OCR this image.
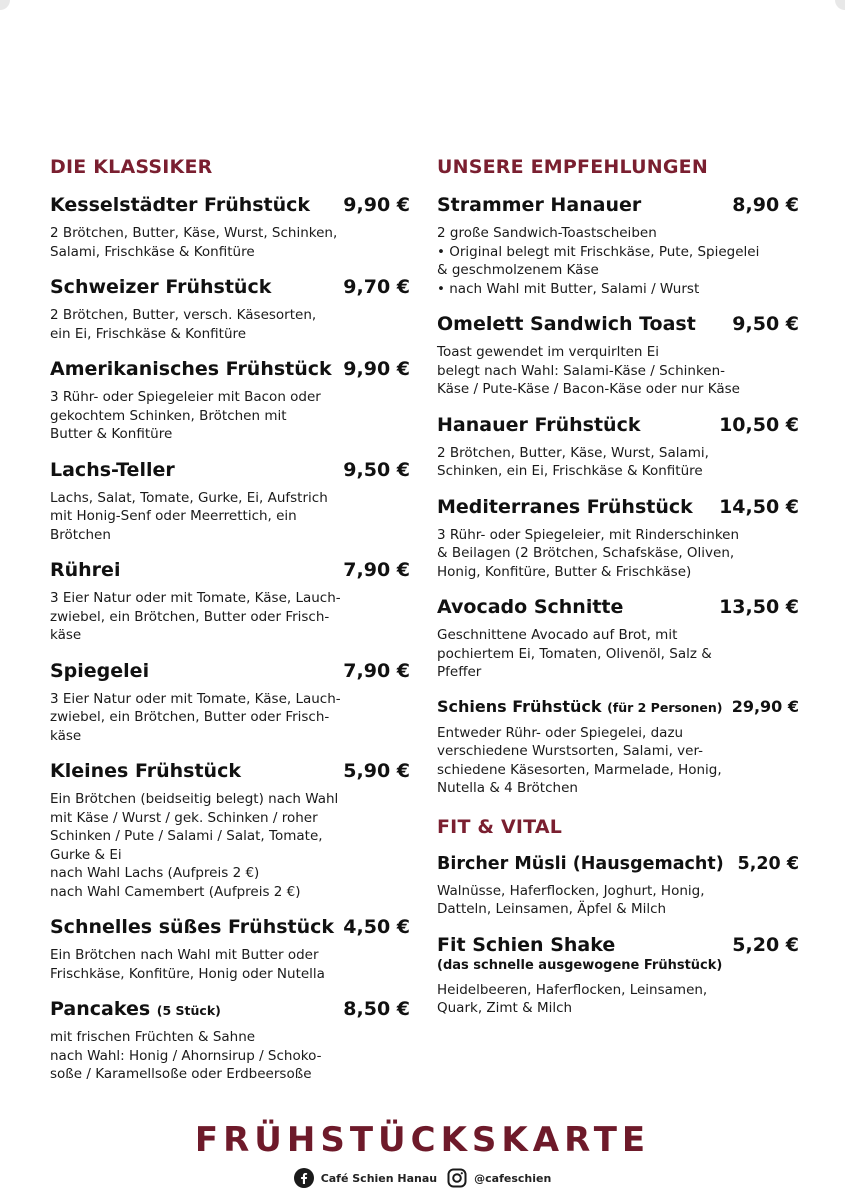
DIE KLASSIKER
Kesselstädter Frühstück	9,90 €
2 Brötchen, Butter, Käse, Wurst, Schinken,
Salami, Frischkäse & Konfitüre
Schweizer Frühstück	9,70 €
2 Brötchen, Butter, versch. Käsesorten,
ein Ei, Frischkäse & Konfitüre
Amerikanisches Frühstück 9,90 €
3 Rühr- oder Spiegeleier mit Bacon oder
gekochtem Schinken, Brötchen mit
Butter & Konfitüre
Lachs-Teller	9,50 €
Lachs, Salat, Tomate, Gurke, Ei, Aufstrich
mit Honig-Senf oder Meerrettich, ein
Brötchen
Rührei	7,90 €
3 Eier Natur oder mit Tomate, Käse, Lauch-
zwiebel, ein Brötchen, Butter oder Frisch-
käse
Spiegelei	7,90 €
3 Eier Natur oder mit Tomate, Käse, Lauch-
zwiebel, ein Brötchen, Butter oder Frisch-
käse
Kleines Frühstück	5,90 €
Ein Brötchen (beidseitig belegt) nach Wahl
mit Käse / Wurst / gek. Schinken / roher
Schinken / Pute / Salami / Salat, Tomate,
Gurke & Ei
nach Wahl Lachs (Aufpreis 2 €)
nach Wahl Camembert (Aufpreis 2 €)
Schnelles süßes Frühstück 4,50 €
Ein Brötchen nach Wahl mit Butter oder
Frischkäse, Konfitüre, Honig oder Nutella
Pancakes (5 Stück)	8,50 €
mit frischen Früchten & Sahne
nach Wahl: Honig / Ahornsirup / Schoko-
soße / Karamellsoße oder Erdbeersoße
UNSERE EMPFEHLUNGEN
Strammer Hanauer	8,90 €
2 große Sandwich-Toastscheiben
• Original belegt mit Frischkäse, Pute, Spiegelei
& geschmolzenem Käse
• nach Wahl mit Butter, Salami / Wurst
Omelett Sandwich Toast	9,50 €
Toast gewendet im verquirlten Ei
belegt nach Wahl: Salami-Käse / Schinken-
Käse / Pute-Käse / Bacon-Käse oder nur Käse
Hanauer Frühstück	10,50 €
2 Brötchen, Butter, Käse, Wurst, Salami,
Schinken, ein Ei, Frischkäse & Konfitüre
Mediterranes Frühstück	14,50 €
3 Rühr- oder Spiegeleier, mit Rinderschinken
& Beilagen (2 Brötchen, Schafskäse, Oliven,
Honig, Konfitüre, Butter & Frischkäse)
Avocado Schnitte	13,50 €
Geschnittene Avocado auf Brot, mit
pochiertem Ei, Tomaten, Olivenöl, Salz &
Pfeffer
Schiens Frühstück (für 2 Personen) 29,90 €
Entweder Rühr- oder Spiegelei, dazu
verschiedene Wurstsorten, Salami, ver-
schiedene Käsesorten, Marmelade, Honig,
Nutella & 4 Brötchen
FIT & VITAL
Bircher Müsli (Hausgemacht) 5,20 €
Walnüsse, Haferflocken, Joghurt, Honig,
Datteln, Leinsamen, Äpfel & Milch
Fit Schien Shake	5,20 €
(das schnelle ausgewogene Frühstück)
Heidelbeeren, Haferflocken, Leinsamen,
Quark, Zimt & Milch
FRÜHSTÜCKSKARTE
Café Schien Hanau	@cafeschien
